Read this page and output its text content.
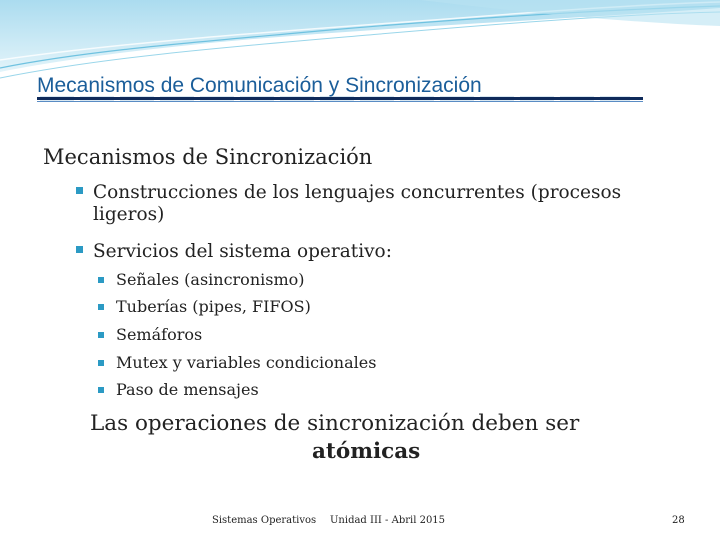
Mecanismos de Comunicación y Sincronización
Mecanismos de Sincronización
Construcciones de los lenguajes concurrentes (procesos
ligeros)
Servicios del sistema operativo:
Señales (asincronismo)
Tuberías (pipes, FIFOS)
Semáforos
Mutex y variables condicionales
Paso de mensajes
Las operaciones de sincronización deben ser
atómicas
Sistemas Operativos Unidad III - Abril 2015	28
